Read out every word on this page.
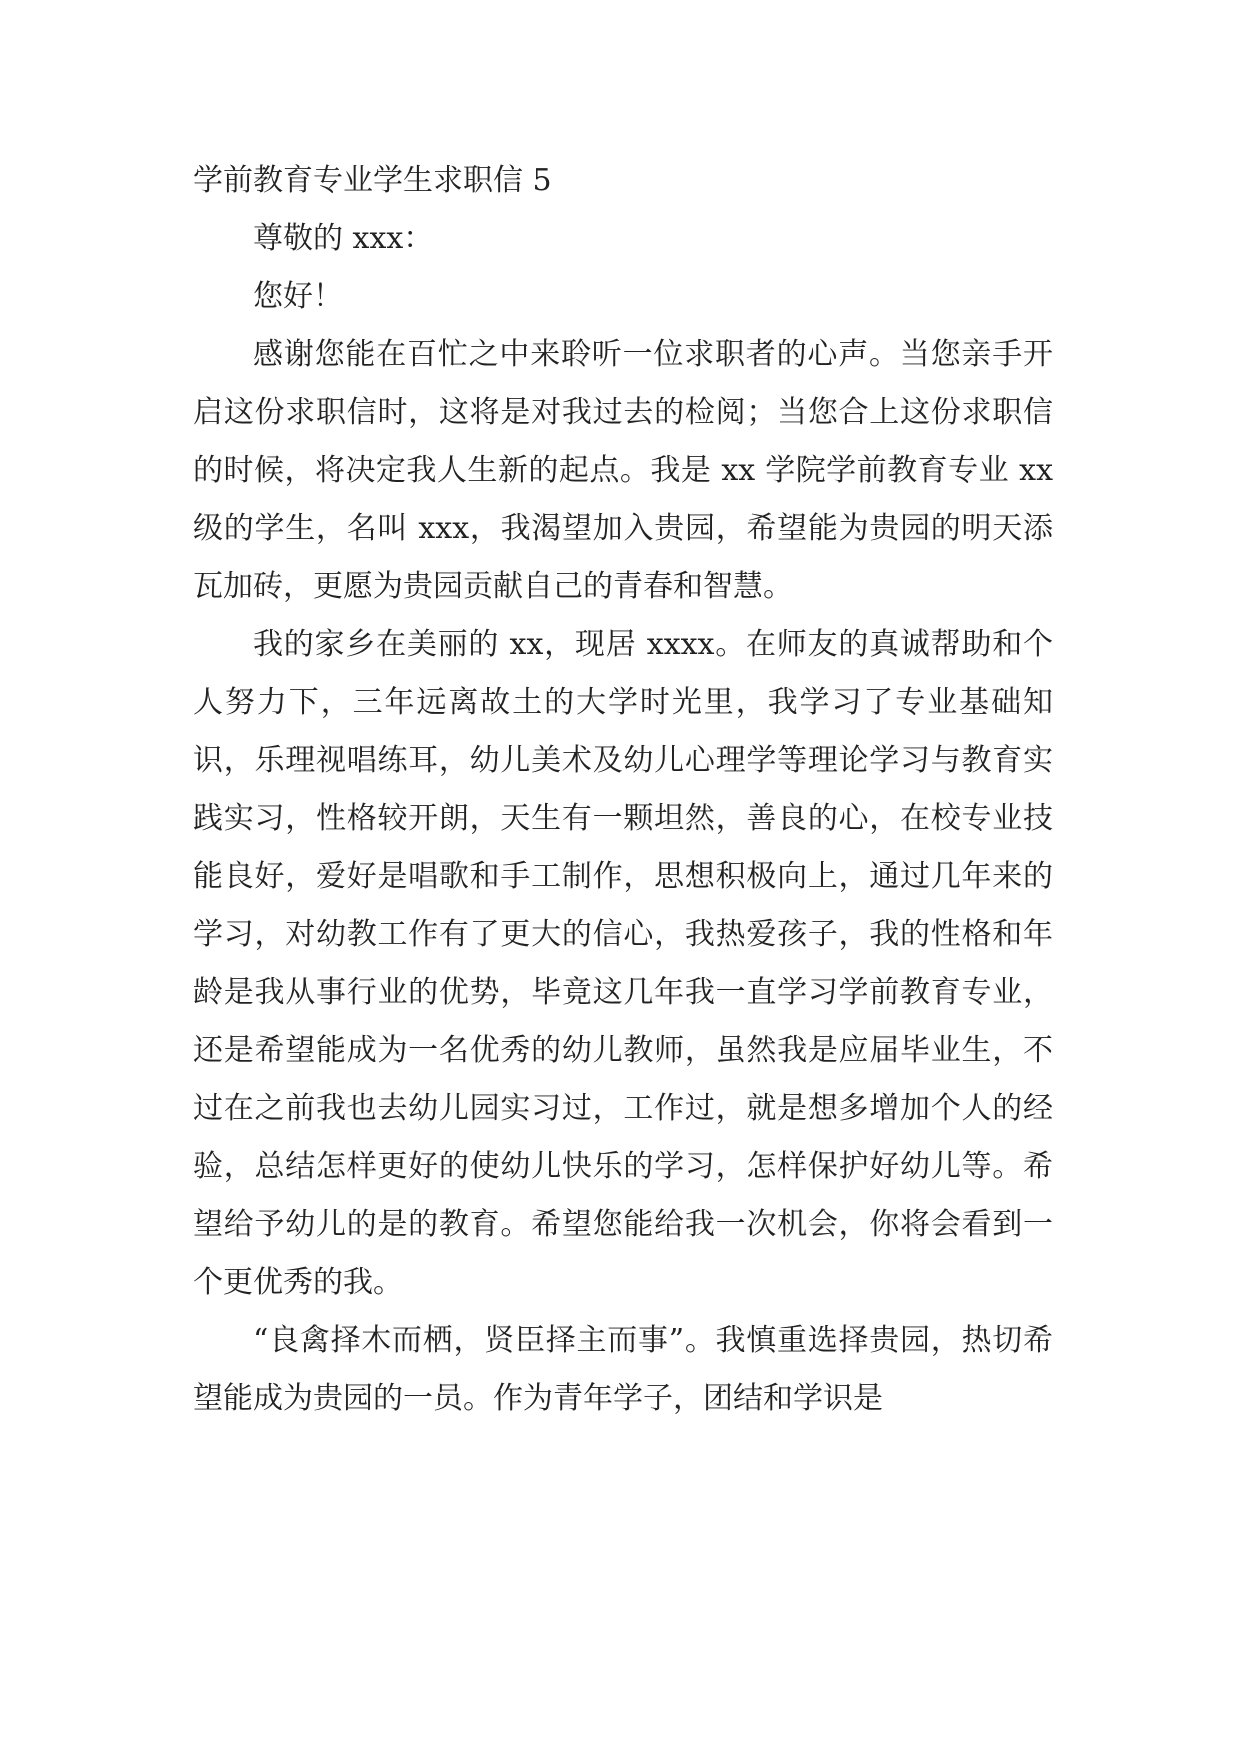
学前教育专业学生求职信 5

尊敬的 xxx：

您好！

感谢您能在百忙之中来聆听一位求职者的心声。当您亲手开启这份求职信时，这将是对我过去的检阅；当您合上这份求职信的时候，将决定我人生新的起点。我是 xx 学院学前教育专业 xx 级的学生，名叫 xxx，我渴望加入贵园，希望能为贵园的明天添瓦加砖，更愿为贵园贡献自己的青春和智慧。

我的家乡在美丽的 xx，现居 xxxx。在师友的真诚帮助和个人努力下，三年远离故土的大学时光里，我学习了专业基础知识，乐理视唱练耳，幼儿美术及幼儿心理学等理论学习与教育实践实习，性格较开朗，天生有一颗坦然，善良的心，在校专业技能良好，爱好是唱歌和手工制作，思想积极向上，通过几年来的学习，对幼教工作有了更大的信心，我热爱孩子，我的性格和年龄是我从事行业的优势，毕竟这几年我一直学习学前教育专业，还是希望能成为一名优秀的幼儿教师，虽然我是应届毕业生，不过在之前我也去幼儿园实习过，工作过，就是想多增加个人的经验，总结怎样更好的使幼儿快乐的学习，怎样保护好幼儿等。希望给予幼儿的是的教育。希望您能给我一次机会，你将会看到一个更优秀的我。

“良禽择木而栖，贤臣择主而事”。我慎重选择贵园，热切希望能成为贵园的一员。作为青年学子，团结和学识是
